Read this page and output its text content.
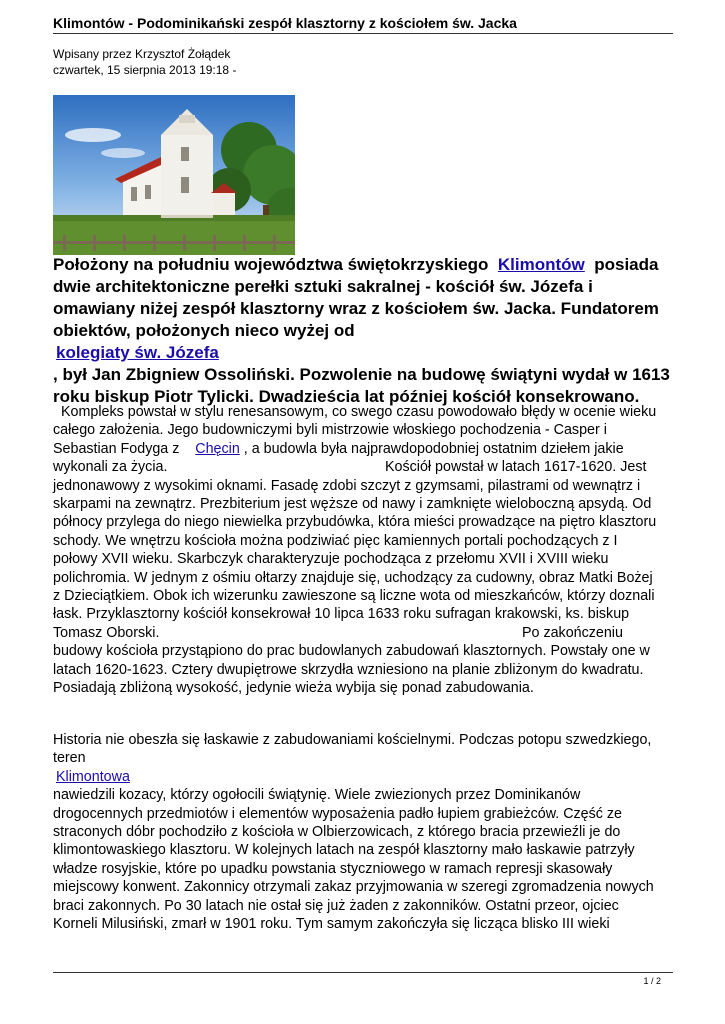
Klimontów - Podominikański zespół klasztorny z kościołem św. Jacka
Wpisany przez Krzysztof Żołądek
czwartek, 15 sierpnia 2013 19:18 -
Położony na południu województwa świętokrzyskiego Klimontów posiada
dwie architektoniczne perełki sztuki sakralnej - kościół św. Józefa i
omawiany niżej zespół klasztorny wraz z kościołem św. Jacka. Fundatorem
obiektów, położonych nieco wyżej od
kolegiaty św. Józefa
, był Jan Zbigniew Ossoliński. Pozwolenie na budowę świątyni wydał w 1613
roku biskup Piotr Tylicki. Dwadzieścia lat później kościół konsekrowano.
Kompleks powstał w stylu renesansowym, co swego czasu powodowało błędy w ocenie wieku
całego założenia. Jego budowniczymi byli mistrzowie włoskiego pochodzenia - Casper i
Sebastian Fodyga z Chęcin , a budowla była najprawdopodobniej ostatnim dziełem jakie
wykonali za życia.	Kościół powstał w latach 1617-1620. Jest
jednonawowy z wysokimi oknami. Fasadę zdobi szczyt z gzymsami, pilastrami od wewnątrz i
skarpami na zewnątrz. Prezbiterium jest węższe od nawy i zamknięte wieloboczną apsydą. Od
północy przylega do niego niewielka przybudówka, która mieści prowadzące na piętro klasztoru
schody. We wnętrzu kościoła można podziwiać pięc kamiennych portali pochodzących z I
połowy XVII wieku. Skarbczyk charakteryzuje pochodząca z przełomu XVII i XVIII wieku
polichromia. W jednym z ośmiu ołtarzy znajduje się, uchodzący za cudowny, obraz Matki Bożej
z Dzieciątkiem. Obok ich wizerunku zawieszone są liczne wota od mieszkańców, którzy doznali
łask. Przyklasztorny kościół konsekrował 10 lipca 1633 roku sufragan krakowski, ks. biskup
Tomasz Oborski.	Po zakończeniu
budowy kościoła przystąpiono do prac budowlanych zabudowań klasztornych. Powstały one w
latach 1620-1623. Cztery dwupiętrowe skrzydła wzniesiono na planie zbliżonym do kwadratu.
Posiadają zbliżoną wysokość, jedynie wieża wybija się ponad zabudowania.
Historia nie obeszła się łaskawie z zabudowaniami kościelnymi. Podczas potopu szwedzkiego,
teren
Klimontowa
nawiedzili kozacy, którzy ogołocili świątynię. Wiele zwiezionych przez Dominikanów
drogocennych przedmiotów i elementów wyposażenia padło łupiem grabieżców. Część ze
straconych dóbr pochodziło z kościoła w Olbierzowicach, z którego bracia przewieźli je do
klimontowaskiego klasztoru. W kolejnych latach na zespół klasztorny mało łaskawie patrzyły
władze rosyjskie, które po upadku powstania styczniowego w ramach represji skasowały
miejscowy konwent. Zakonnicy otrzymali zakaz przyjmowania w szeregi zgromadzenia nowych
braci zakonnych. Po 30 latach nie ostał się już żaden z zakonników. Ostatni przeor, ojciec
Korneli Milusiński, zmarł w 1901 roku. Tym samym zakończyła się licząca blisko III wieki
1 / 2
